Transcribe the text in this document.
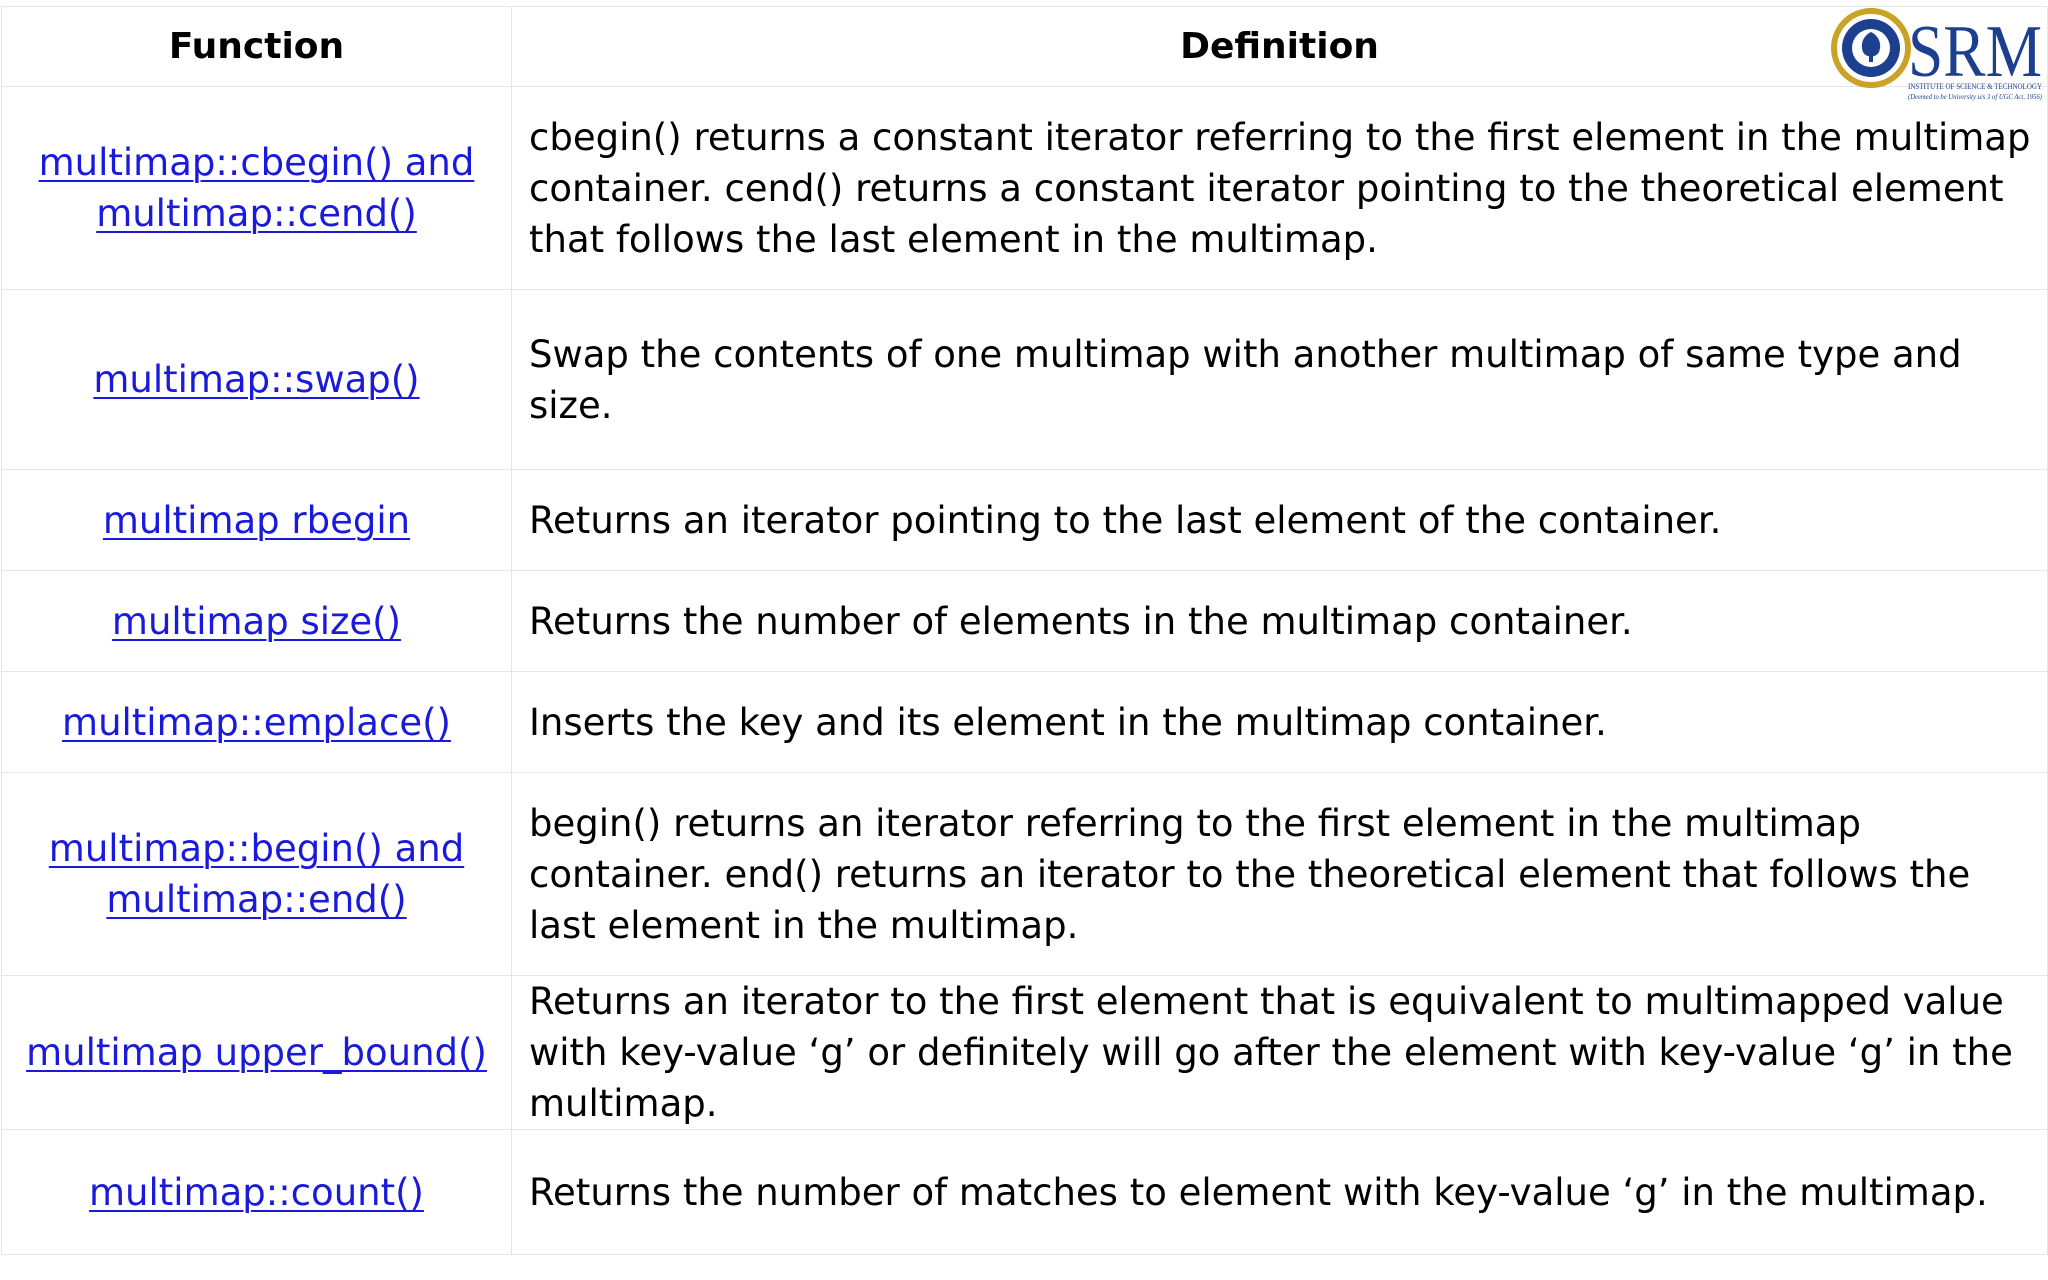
Function	Definition
multimap::cbegin() and multimap::cend()	cbegin() returns a constant iterator referring to the first element in the multimap container. cend() returns a constant iterator pointing to the theoretical element that follows the last element in the multimap.
multimap::swap()	Swap the contents of one multimap with another multimap of same type and size.
multimap rbegin	Returns an iterator pointing to the last element of the container.
multimap size()	Returns the number of elements in the multimap container.
multimap::emplace()	Inserts the key and its element in the multimap container.
multimap::begin() and multimap::end()	begin() returns an iterator referring to the first element in the multimap container. end() returns an iterator to the theoretical element that follows the last element in the multimap.
multimap upper_bound()	Returns an iterator to the first element that is equivalent to multimapped value with key-value ‘g’ or definitely will go after the element with key-value ‘g’ in the multimap.
multimap::count()	Returns the number of matches to element with key-value ‘g’ in the multimap.
SRM
INSTITUTE OF SCIENCE & TECHNOLOGY
(Deemed to be University u/s 3 of UGC Act, 1956)
